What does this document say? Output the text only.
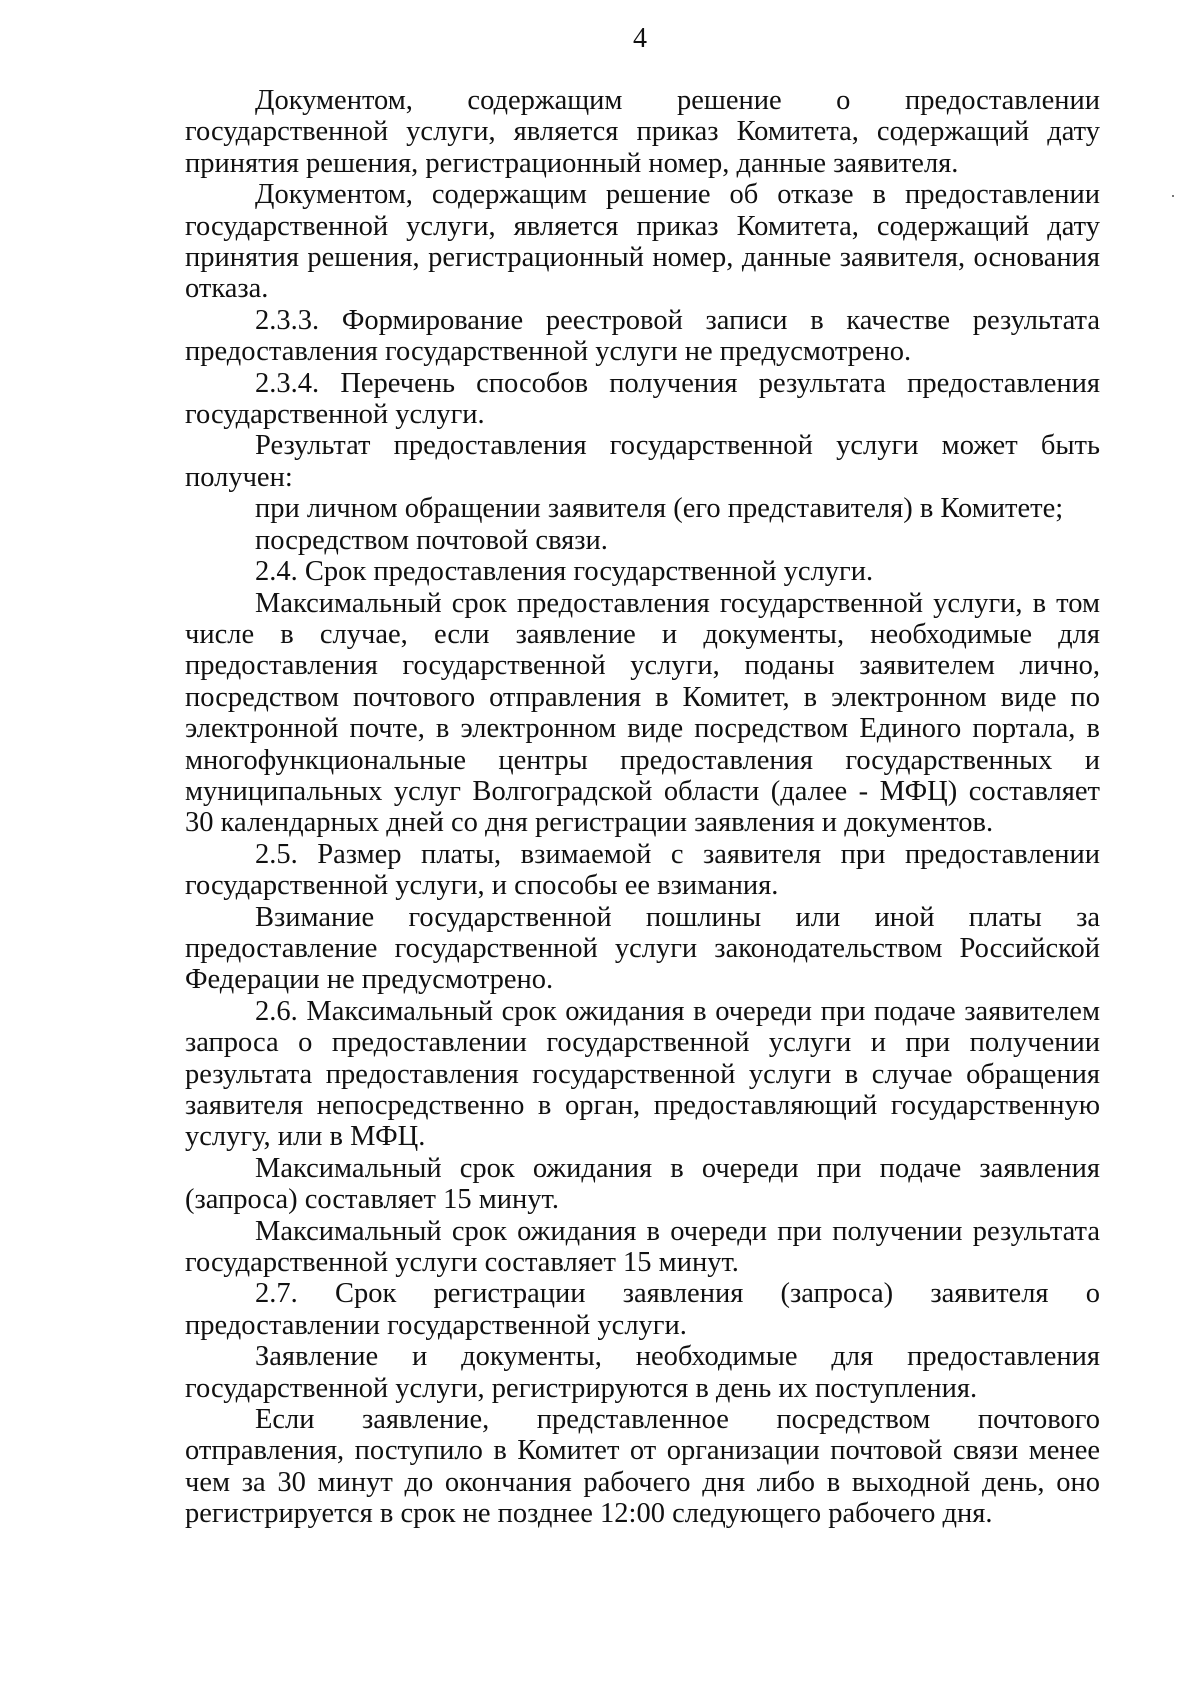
4

Документом, содержащим решение о предоставлении государственной услуги, является приказ Комитета, содержащий дату принятия решения, регистрационный номер, данные заявителя.

Документом, содержащим решение об отказе в предоставлении государственной услуги, является приказ Комитета, содержащий дату принятия решения, регистрационный номер, данные заявителя, основания отказа.

2.3.3. Формирование реестровой записи в качестве результата предоставления государственной услуги не предусмотрено.

2.3.4. Перечень способов получения результата предоставления государственной услуги.

Результат предоставления государственной услуги может быть получен:

при личном обращении заявителя (его представителя) в Комитете;

посредством почтовой связи.

2.4. Срок предоставления государственной услуги.

Максимальный срок предоставления государственной услуги, в том числе в случае, если заявление и документы, необходимые для предоставления государственной услуги, поданы заявителем лично, посредством почтового отправления в Комитет, в электронном виде по электронной почте, в электронном виде посредством Единого портала, в многофункциональные центры предоставления государственных и муниципальных услуг Волгоградской области (далее - МФЦ) составляет 30 календарных дней со дня регистрации заявления и документов.

2.5. Размер платы, взимаемой с заявителя при предоставлении государственной услуги, и способы ее взимания.

Взимание государственной пошлины или иной платы за предоставление государственной услуги законодательством Российской Федерации не предусмотрено.

2.6. Максимальный срок ожидания в очереди при подаче заявителем запроса о предоставлении государственной услуги и при получении результата предоставления государственной услуги в случае обращения заявителя непосредственно в орган, предоставляющий государственную услугу, или в МФЦ.

Максимальный срок ожидания в очереди при подаче заявления (запроса) составляет 15 минут.

Максимальный срок ожидания в очереди при получении результата государственной услуги составляет 15 минут.

2.7. Срок регистрации заявления (запроса) заявителя о предоставлении государственной услуги.

Заявление и документы, необходимые для предоставления государственной услуги, регистрируются в день их поступления.

Если заявление, представленное посредством почтового отправления, поступило в Комитет от организации почтовой связи менее чем за 30 минут до окончания рабочего дня либо в выходной день, оно регистрируется в срок не позднее 12:00 следующего рабочего дня.
